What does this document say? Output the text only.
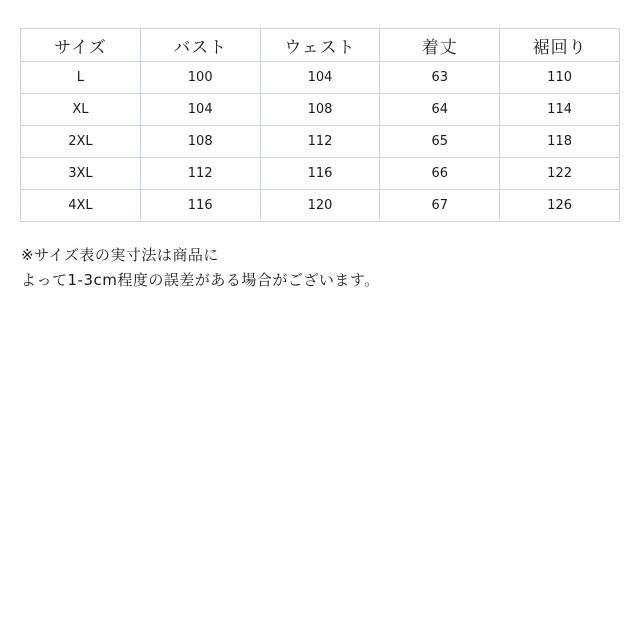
サイズ	バスト	ウェスト	着丈	裾回り
L	100	104	63	110
XL	104	108	64	114
2XL	108	112	65	118
3XL	112	116	66	122
4XL	116	120	67	126
※サイズ表の実寸法は商品に
よって1-3cm程度の誤差がある場合がございます。
